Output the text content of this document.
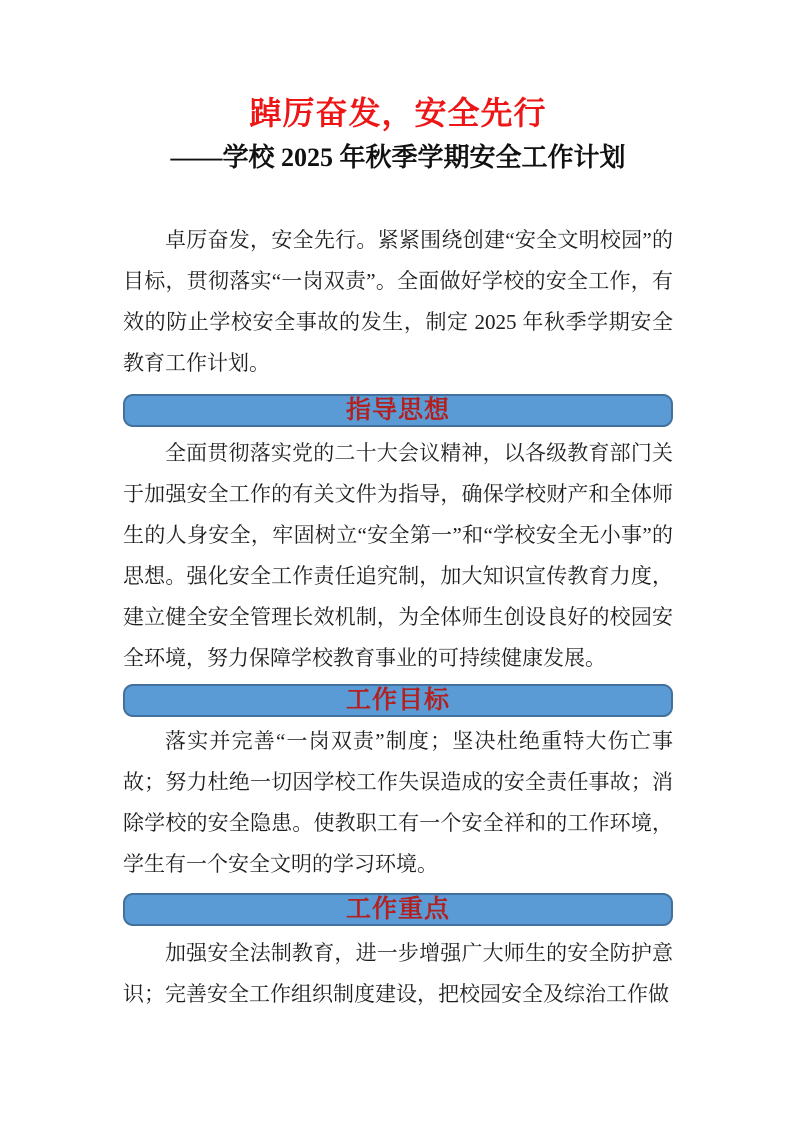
踔厉奋发，安全先行
——学校 2025 年秋季学期安全工作计划

卓厉奋发，安全先行。紧紧围绕创建“安全文明校园”的目标，贯彻落实“一岗双责”。全面做好学校的安全工作，有效的防止学校安全事故的发生，制定 2025 年秋季学期安全教育工作计划。

指导思想

全面贯彻落实党的二十大会议精神，以各级教育部门关于加强安全工作的有关文件为指导，确保学校财产和全体师生的人身安全，牢固树立“安全第一”和“学校安全无小事”的思想。强化安全工作责任追究制，加大知识宣传教育力度，建立健全安全管理长效机制，为全体师生创设良好的校园安全环境，努力保障学校教育事业的可持续健康发展。

工作目标

落实并完善“一岗双责”制度；坚决杜绝重特大伤亡事故；努力杜绝一切因学校工作失误造成的安全责任事故；消除学校的安全隐患。使教职工有一个安全祥和的工作环境，学生有一个安全文明的学习环境。

工作重点

加强安全法制教育，进一步增强广大师生的安全防护意识；完善安全工作组织制度建设，把校园安全及综治工作做
